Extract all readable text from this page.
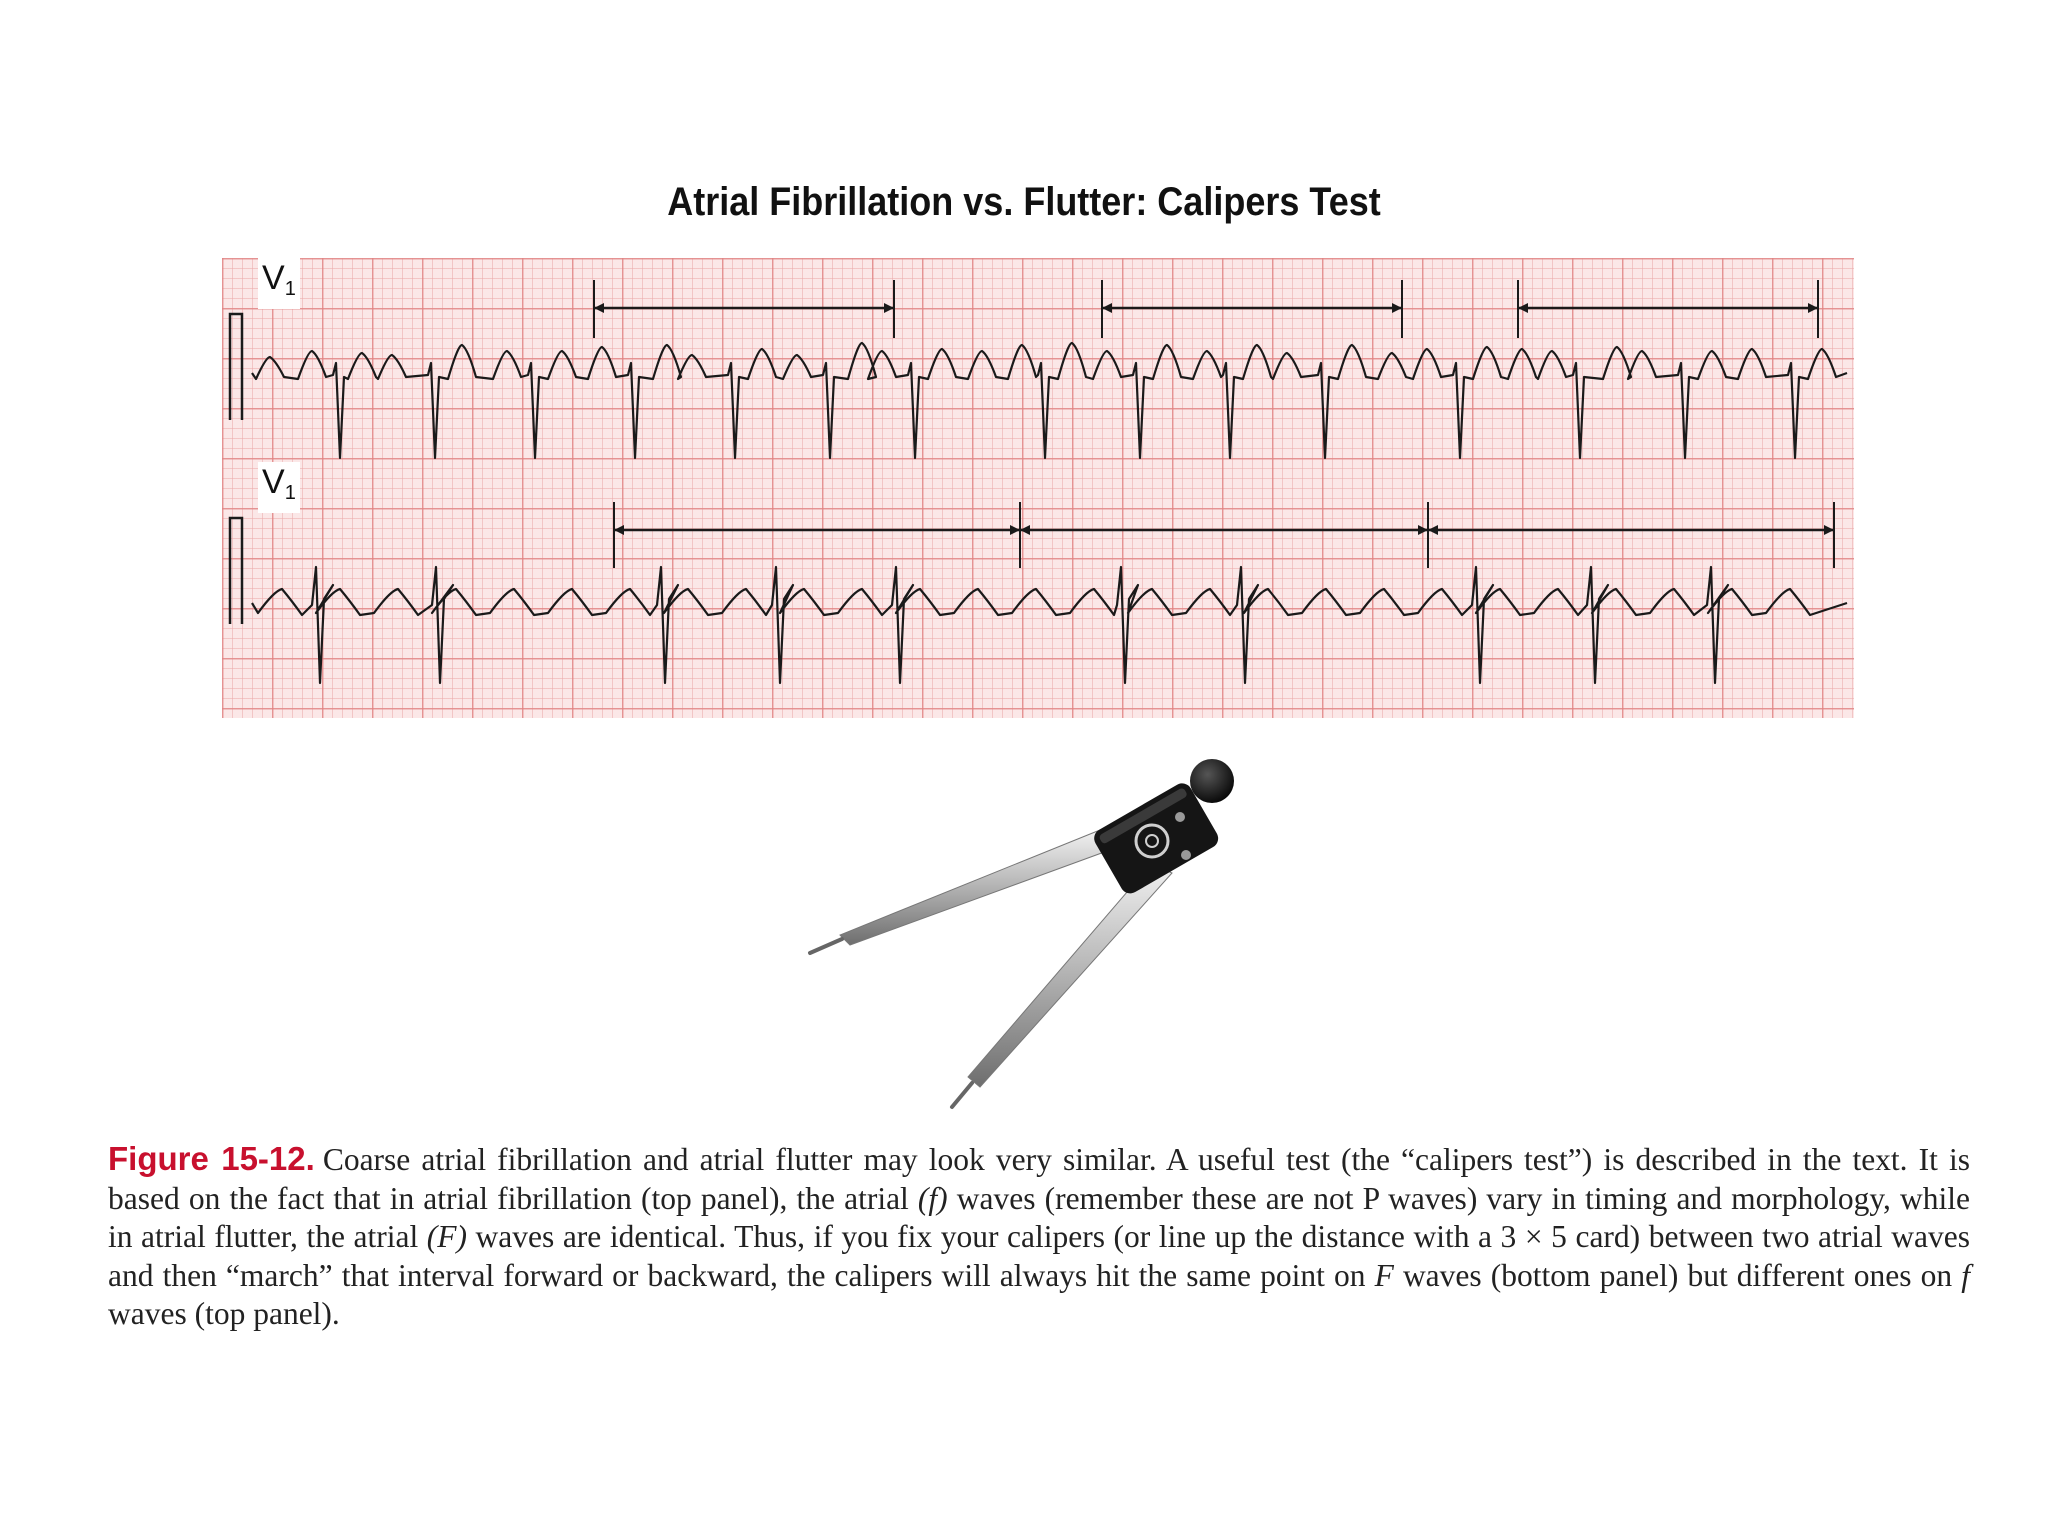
Atrial Fibrillation vs. Flutter: Calipers Test
$V_1$
$V_1$
Figure 15-12. Coarse atrial fibrillation and atrial flutter may look very similar. A useful test (the “calipers test”) is described in the text. It is based on the fact that in atrial fibrillation (top panel), the atrial (f) waves (remember these are not P waves) vary in timing and morphology, while in atrial flutter, the atrial (F) waves are identical. Thus, if you fix your calipers (or line up the distance with a 3 × 5 card) between two atrial waves and then “march” that interval forward or backward, the calipers will always hit the same point on F waves (bottom panel) but different ones on f waves (top panel).
